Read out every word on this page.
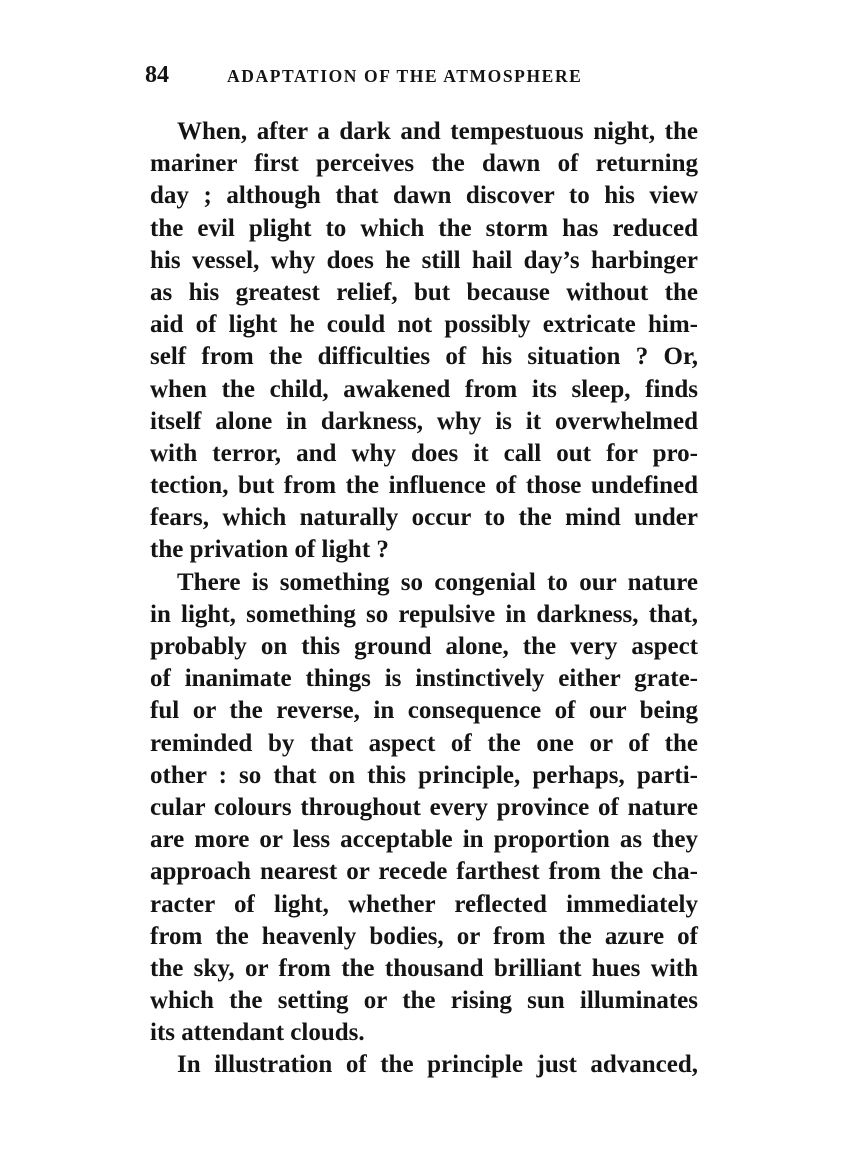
84	ADAPTATION OF THE ATMOSPHERE
When, after a dark and tempestuous night, the
mariner first perceives the dawn of returning
day ; although that dawn discover to his view
the evil plight to which the storm has reduced
his vessel, why does he still hail day’s harbinger
as his greatest relief, but because without the
aid of light he could not possibly extricate him-
self from the difficulties of his situation ? Or,
when the child, awakened from its sleep, finds
itself alone in darkness, why is it overwhelmed
with terror, and why does it call out for pro-
tection, but from the influence of those undefined
fears, which naturally occur to the mind under
the privation of light ?
There is something so congenial to our nature
in light, something so repulsive in darkness, that,
probably on this ground alone, the very aspect
of inanimate things is instinctively either grate-
ful or the reverse, in consequence of our being
reminded by that aspect of the one or of the
other : so that on this principle, perhaps, parti-
cular colours throughout every province of nature
are more or less acceptable in proportion as they
approach nearest or recede farthest from the cha-
racter of light, whether reflected immediately
from the heavenly bodies, or from the azure of
the sky, or from the thousand brilliant hues with
which the setting or the rising sun illuminates
its attendant clouds.
In illustration of the principle just advanced,
